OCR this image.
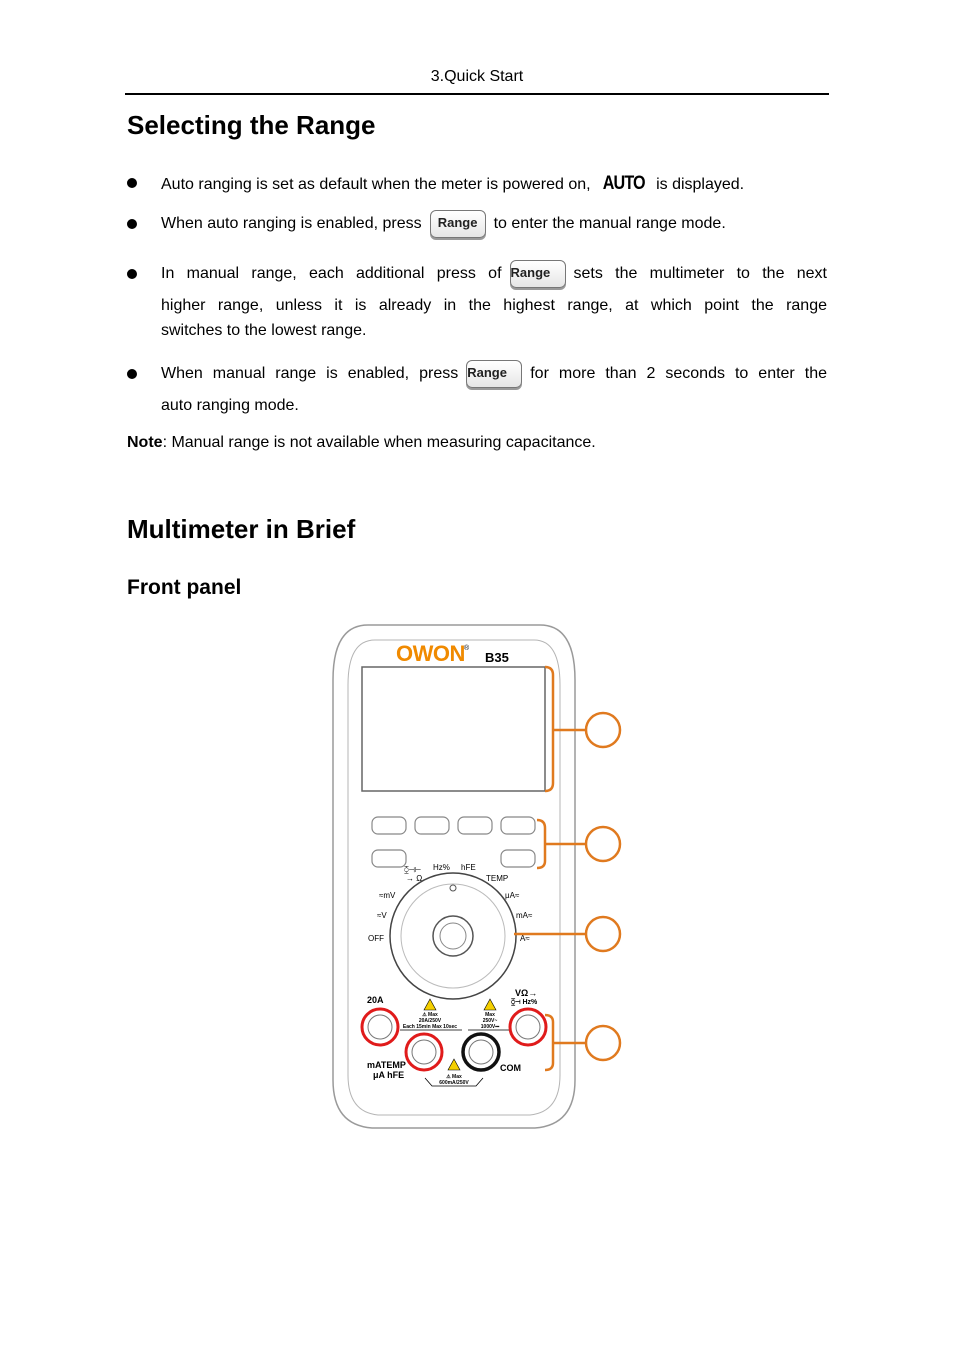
3.Quick Start
Selecting the Range
Auto ranging is set as default when the meter is powered on, AUTO is displayed.
When auto ranging is enabled, press Range to enter the manual range mode.
In manual range, each additional press of Range sets the multimeter to the next
higher range, unless it is already in the highest range, at which point the range
switches to the lowest range.
When manual range is enabled, press Range for more than 2 seconds to enter the
auto ranging mode.
Note: Manual range is not available when measuring capacitance.
Multimeter in Brief
Front panel
OWON B35
®
⧲⊣⊢
→ Ω
Hz% hFE
TEMP
≈mV	μA≈
≈V	mA≈
OFF	A≈
20A
VΩ→
⧲⊣ Hz%
mATEMP
μA hFE
COM
⚠ Max
20A/250V
Each 15min Max 10sec
Max
250V~
1000V⎓
⚠ Max
600mA/250V
